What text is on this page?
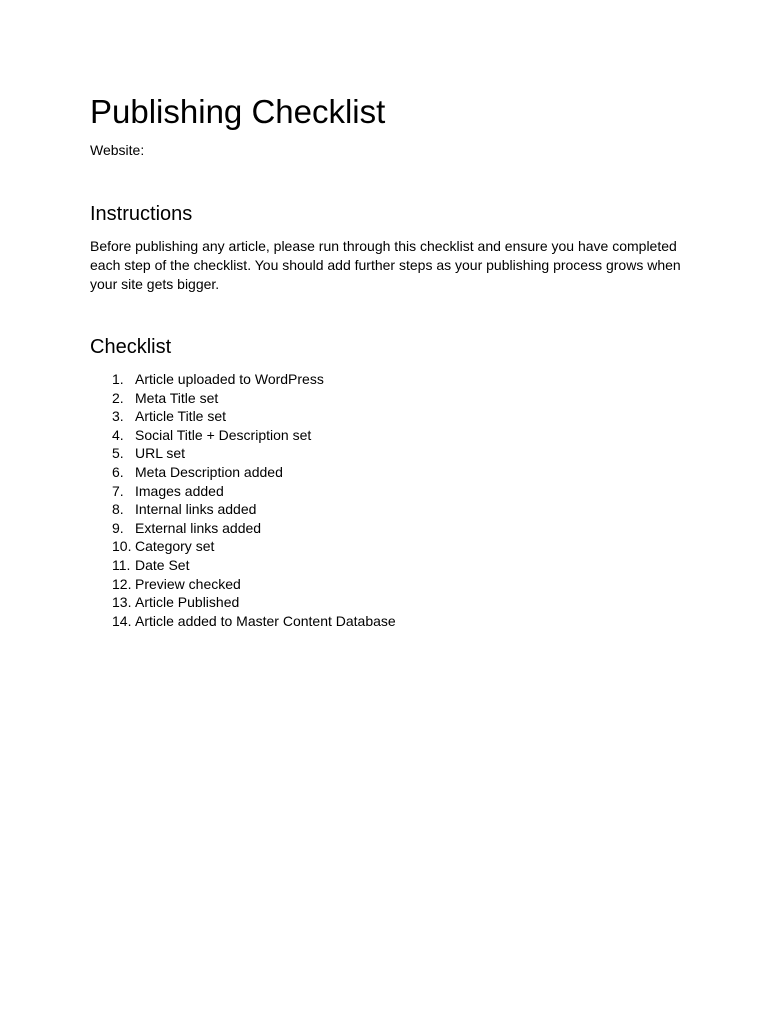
Publishing Checklist

Website:

Instructions

Before publishing any article, please run through this checklist and ensure you have completed each step of the checklist. You should add further steps as your publishing process grows when your site gets bigger.

Checklist
1. Article uploaded to WordPress
2. Meta Title set
3. Article Title set
4. Social Title + Description set
5. URL set
6. Meta Description added
7. Images added
8. Internal links added
9. External links added
10. Category set
11. Date Set
12. Preview checked
13. Article Published
14. Article added to Master Content Database
